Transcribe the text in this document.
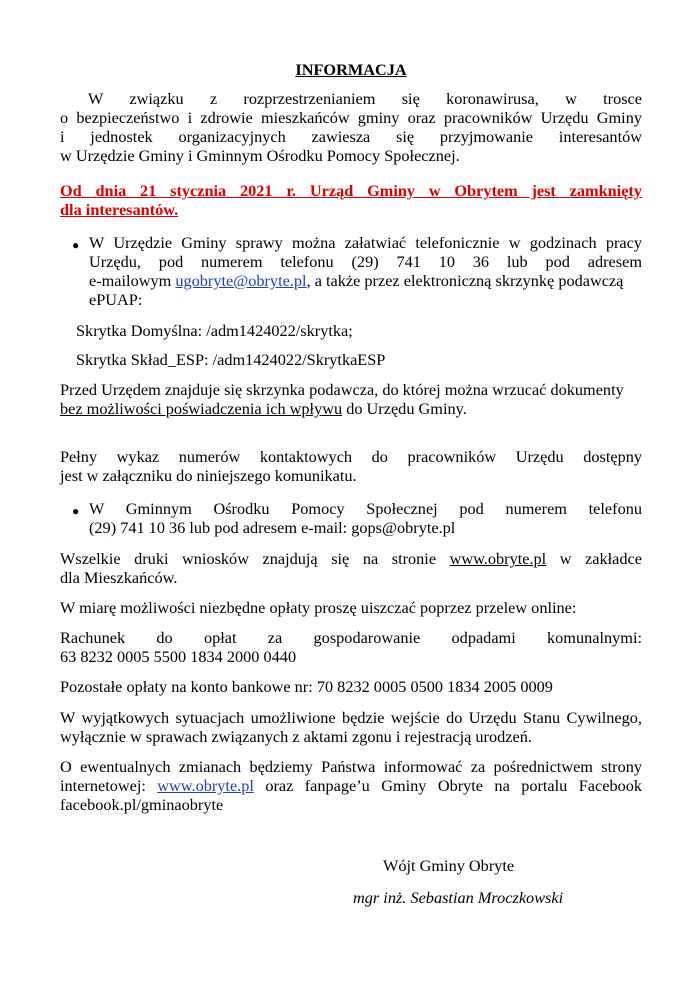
INFORMACJA
W związku z rozprzestrzenianiem się koronawirusa, w trosce
o bezpieczeństwo i zdrowie mieszkańców gminy oraz pracowników Urzędu Gminy
i jednostek organizacyjnych zawiesza się przyjmowanie interesantów
w Urzędzie Gminy i Gminnym Ośrodku Pomocy Społecznej.
Od dnia 21 stycznia 2021 r. Urząd Gminy w Obrytem jest zamknięty
dla interesantów.
● W Urzędzie Gminy sprawy można załatwiać telefonicznie w godzinach pracy
Urzędu, pod numerem telefonu (29) 741 10 36 lub pod adresem
e-mailowym ugobryte@obryte.pl, a także przez elektroniczną skrzynkę podawczą
ePUAP:
Skrytka Domyślna: /adm1424022/skrytka;
Skrytka Skład_ESP: /adm1424022/SkrytkaESP
Przed Urzędem znajduje się skrzynka podawcza, do której można wrzucać dokumenty
bez możliwości poświadczenia ich wpływu do Urzędu Gminy.
Pełny wykaz numerów kontaktowych do pracowników Urzędu dostępny
jest w załączniku do niniejszego komunikatu.
● W Gminnym Ośrodku Pomocy Społecznej pod numerem telefonu
(29) 741 10 36 lub pod adresem e-mail: gops@obryte.pl
Wszelkie druki wniosków znajdują się na stronie www.obryte.pl w zakładce
dla Mieszkańców.
W miarę możliwości niezbędne opłaty proszę uiszczać poprzez przelew online:
Rachunek do opłat za gospodarowanie odpadami komunalnymi:
63 8232 0005 5500 1834 2000 0440
Pozostałe opłaty na konto bankowe nr: 70 8232 0005 0500 1834 2005 0009
W wyjątkowych sytuacjach umożliwione będzie wejście do Urzędu Stanu Cywilnego,
wyłącznie w sprawach związanych z aktami zgonu i rejestracją urodzeń.
O ewentualnych zmianach będziemy Państwa informować za pośrednictwem strony
internetowej: www.obryte.pl oraz fanpage’u Gminy Obryte na portalu Facebook
facebook.pl/gminaobryte
Wójt Gminy Obryte
mgr inż. Sebastian Mroczkowski
